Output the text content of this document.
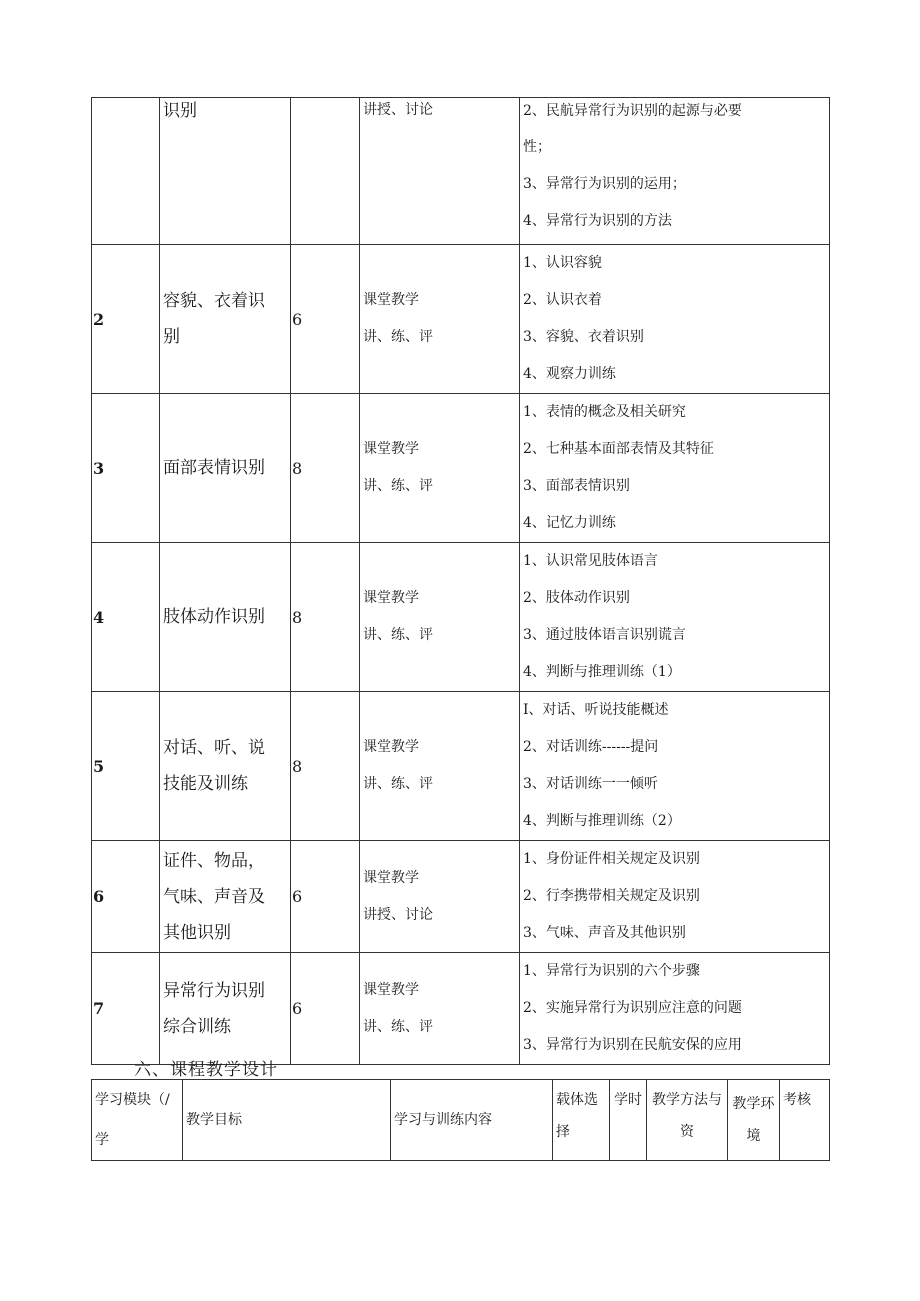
	识别		讲授、讨论	2、民航异常行为识别的起源与必要
性；
3、异常行为识别的运用；
4、异常行为识别的方法

2	容貌、衣着识别	6	课堂教学
讲、练、评	1、认识容貌
2、认识衣着
3、容貌、衣着识别
4、观察力训练

3	面部表情识别	8	课堂教学
讲、练、评	1、表情的概念及相关研究
2、七种基本面部表情及其特征
3、面部表情识别
4、记忆力训练

4	肢体动作识别	8	课堂教学
讲、练、评	1、认识常见肢体语言
2、肢体动作识别
3、通过肢体语言识别谎言
4、判断与推理训练（1）

5	对话、听、说技能及训练	8	课堂教学
讲、练、评	I、对话、听说技能概述
2、对话训练------提问
3、对话训练一一倾听
4、判断与推理训练（2）

6	证件、物品，气味、声音及其他识别	6	课堂教学
讲授、讨论	1、身份证件相关规定及识别
2、行李携带相关规定及识别
3、气味、声音及其他识别

7	异常行为识别综合训练	6	课堂教学
讲、练、评	1、异常行为识别的六个步骤
2、实施异常行为识别应注意的问题
3、异常行为识别在民航安保的应用
六、课程教学设计
学习模块（/学	教学目标	学习与训练内容	载体选择	学时	教学方法与资	教学环境	考核
